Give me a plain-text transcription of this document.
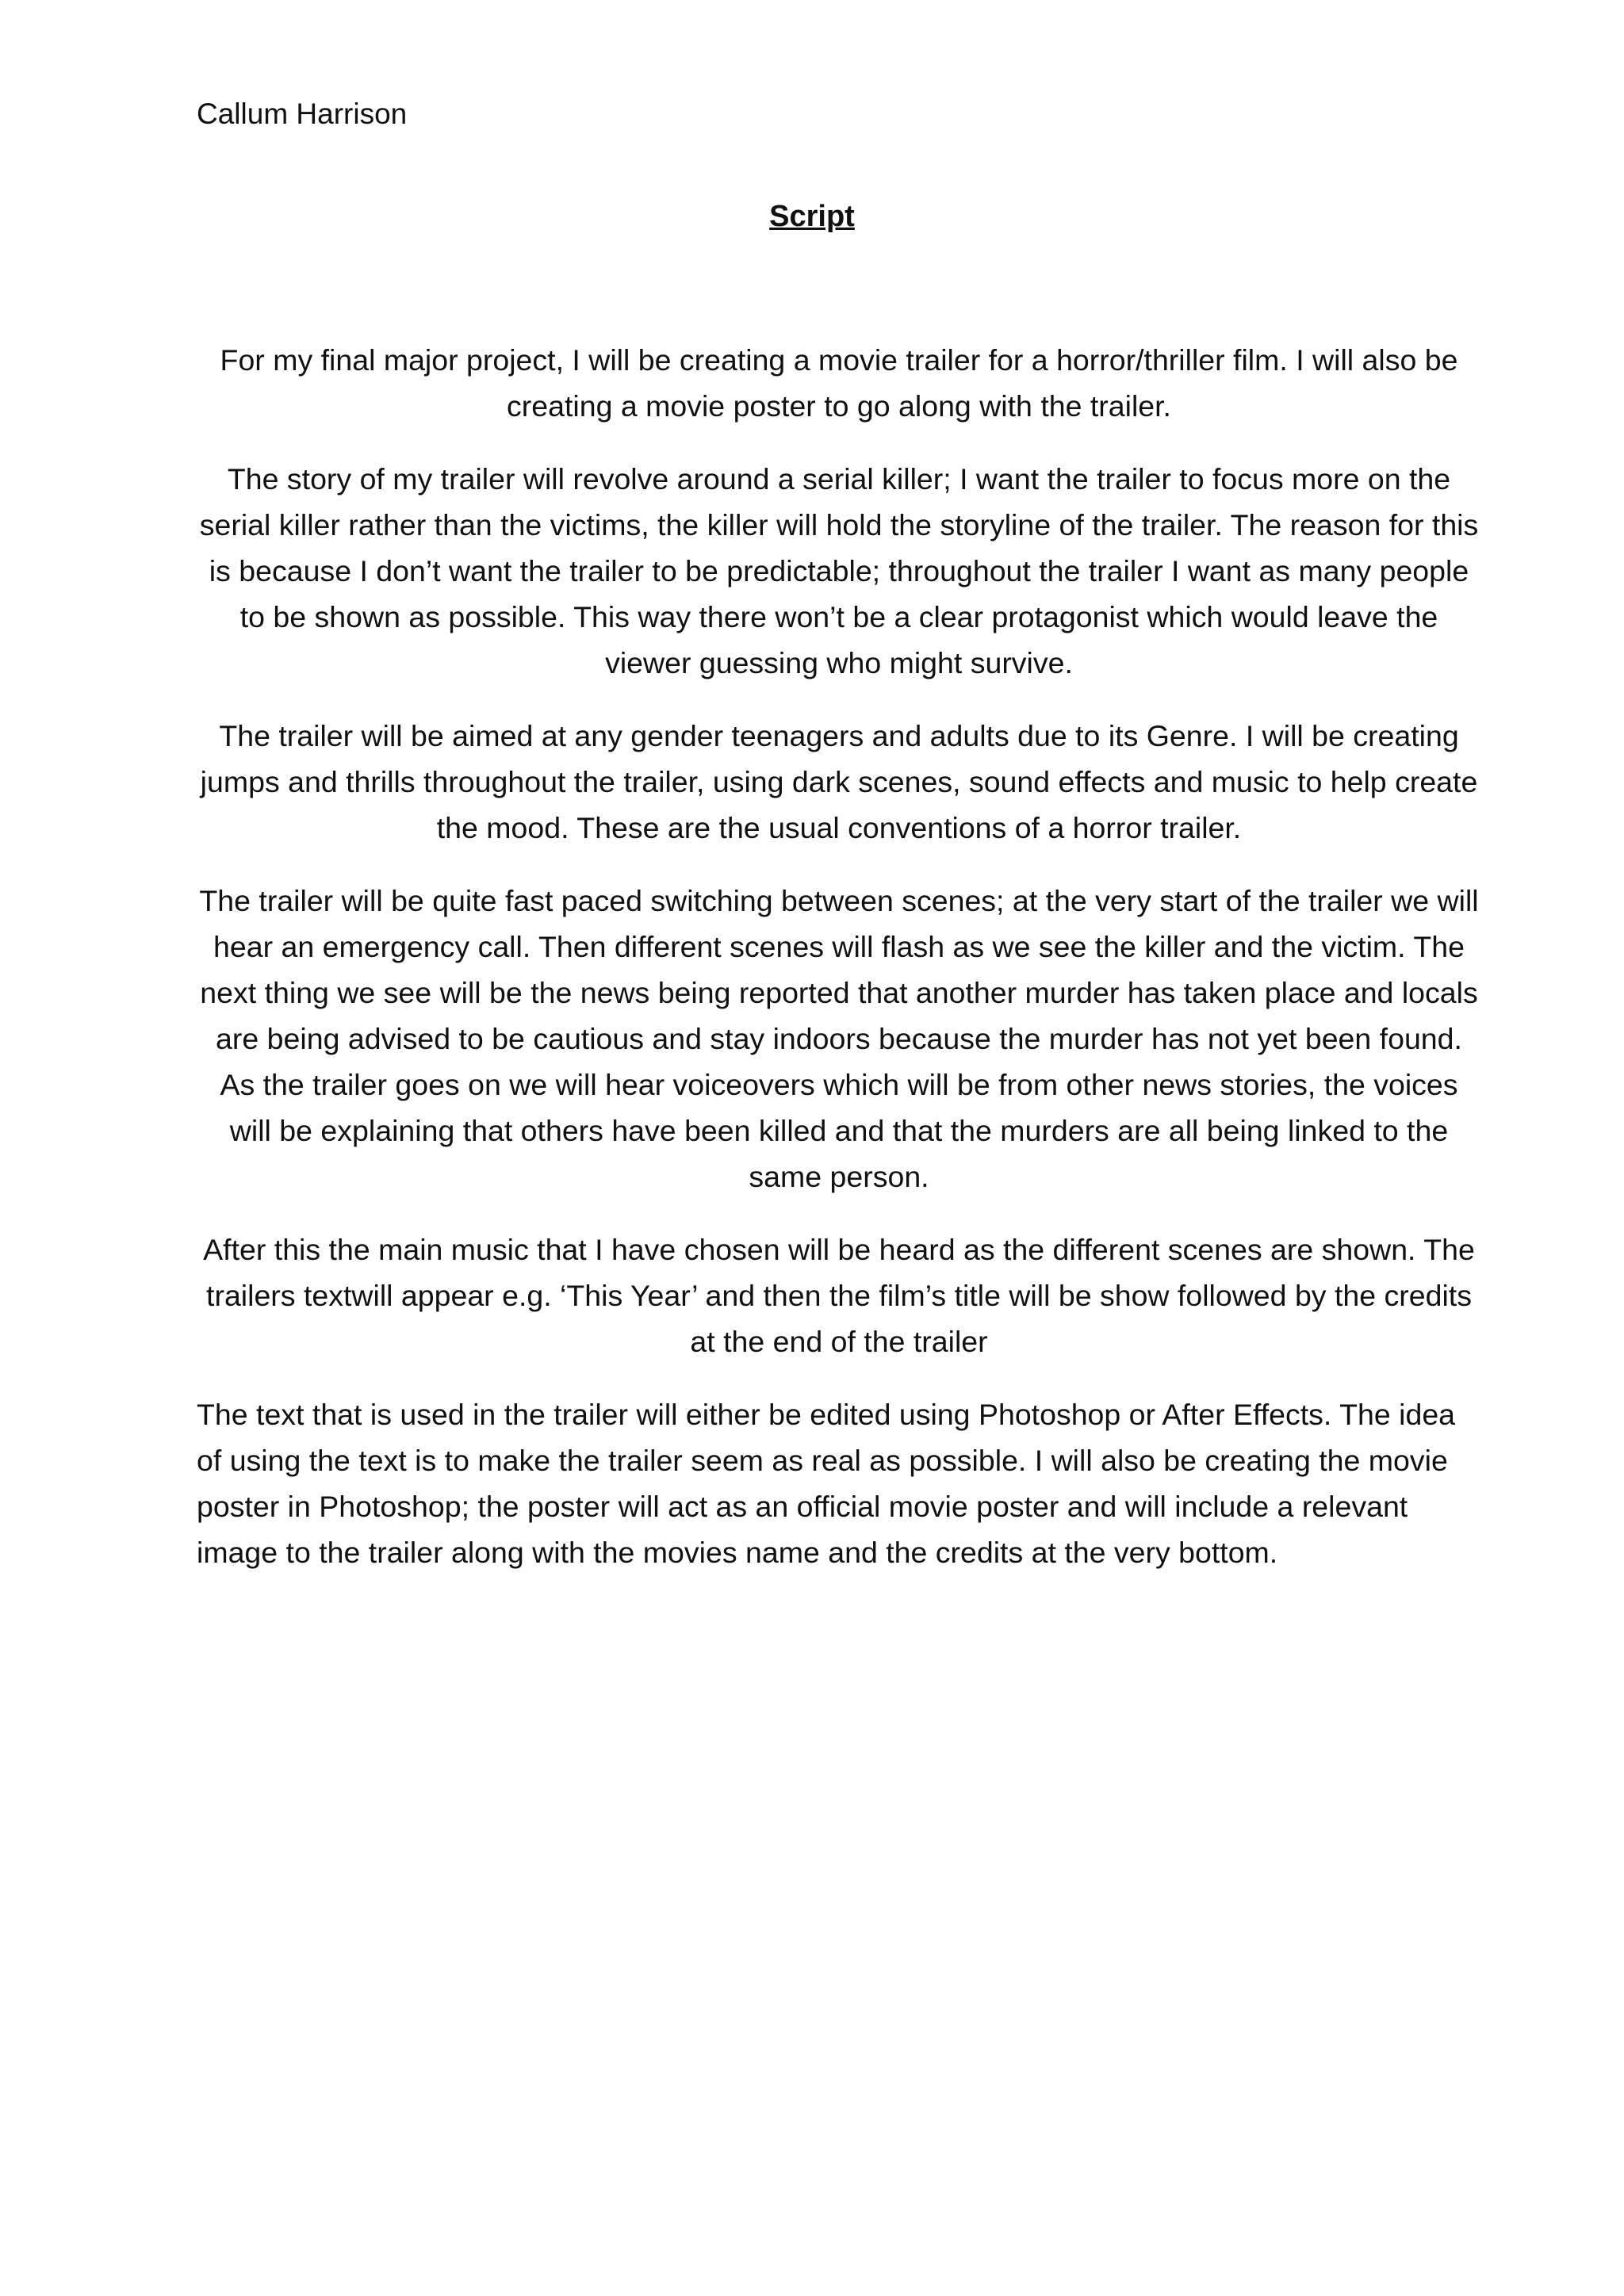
Callum Harrison

Script

For my final major project, I will be creating a movie trailer for a horror/thriller film. I will also be creating a movie poster to go along with the trailer.

The story of my trailer will revolve around a serial killer; I want the trailer to focus more on the serial killer rather than the victims, the killer will hold the storyline of the trailer. The reason for this is because I don’t want the trailer to be predictable; throughout the trailer I want as many people to be shown as possible. This way there won’t be a clear protagonist which would leave the viewer guessing who might survive.

The trailer will be aimed at any gender teenagers and adults due to its Genre. I will be creating jumps and thrills throughout the trailer, using dark scenes, sound effects and music to help create the mood. These are the usual conventions of a horror trailer.

The trailer will be quite fast paced switching between scenes; at the very start of the trailer we will hear an emergency call. Then different scenes will flash as we see the killer and the victim. The next thing we see will be the news being reported that another murder has taken place and locals are being advised to be cautious and stay indoors because the murder has not yet been found. As the trailer goes on we will hear voiceovers which will be from other news stories, the voices will be explaining that others have been killed and that the murders are all being linked to the same person.

After this the main music that I have chosen will be heard as the different scenes are shown. The trailers textwill appear e.g. ‘This Year’ and then the film’s title will be show followed by the credits at the end of the trailer

The text that is used in the trailer will either be edited using Photoshop or After Effects. The idea of using the text is to make the trailer seem as real as possible. I will also be creating the movie poster in Photoshop; the poster will act as an official movie poster and will include a relevant image to the trailer along with the movies name and the credits at the very bottom.
